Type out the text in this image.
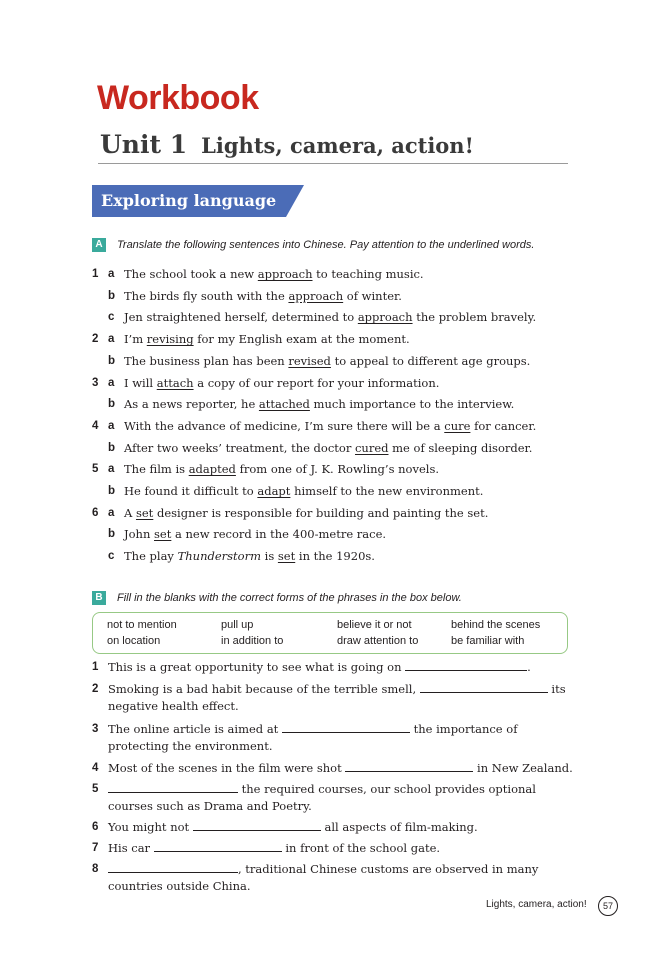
Workbook
Unit 1 Lights, camera, action!
Exploring language
A	Translate the following sentences into Chinese. Pay attention to the underlined words.
1 a The school took a new approach to teaching music.
b The birds fly south with the approach of winter.
c Jen straightened herself, determined to approach the problem bravely.
2 a I’m revising for my English exam at the moment.
b The business plan has been revised to appeal to different age groups.
3 a I will attach a copy of our report for your information.
b As a news reporter, he attached much importance to the interview.
4 a With the advance of medicine, I’m sure there will be a cure for cancer.
b After two weeks’ treatment, the doctor cured me of sleeping disorder.
5 a The film is adapted from one of J. K. Rowling’s novels.
b He found it difficult to adapt himself to the new environment.
6 a A set designer is responsible for building and painting the set.
b John set a new record in the 400-metre race.
c The play Thunderstorm is set in the 1920s.
B	Fill in the blanks with the correct forms of the phrases in the box below.
not to mention	pull up	believe it or not	behind the scenes
on location	in addition to	draw attention to	be familiar with
1 This is a great opportunity to see what is going on	.
2 Smoking is a bad habit because of the terrible smell,	its
negative health effect.
3 The online article is aimed at	the importance of
protecting the environment.
4 Most of the scenes in the film were shot	in New Zealand.
5	the required courses, our school provides optional
courses such as Drama and Poetry.
6 You might not	all aspects of film-making.
7 His car	in front of the school gate.
8	, traditional Chinese customs are observed in many
countries outside China.
Lights, camera, action!	57
